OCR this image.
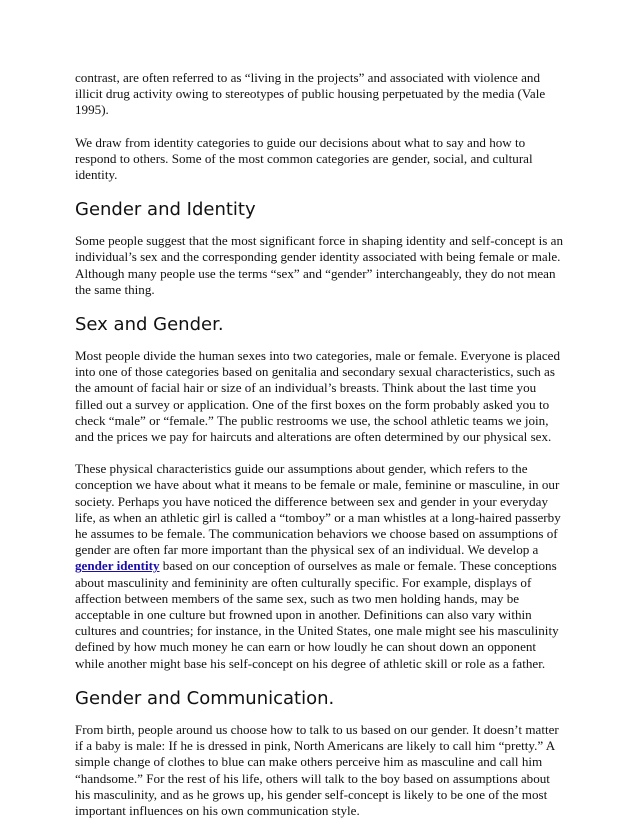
contrast, are often referred to as “living in the projects” and associated with violence and illicit drug activity owing to stereotypes of public housing perpetuated by the media (Vale 1995).

We draw from identity categories to guide our decisions about what to say and how to respond to others. Some of the most common categories are gender, social, and cultural identity.

Gender and Identity

Some people suggest that the most significant force in shaping identity and self-concept is an individual’s sex and the corresponding gender identity associated with being female or male. Although many people use the terms “sex” and “gender” interchangeably, they do not mean the same thing.

Sex and Gender.

Most people divide the human sexes into two categories, male or female. Everyone is placed into one of those categories based on genitalia and secondary sexual characteristics, such as the amount of facial hair or size of an individual’s breasts. Think about the last time you filled out a survey or application. One of the first boxes on the form probably asked you to check “male” or “female.” The public restrooms we use, the school athletic teams we join, and the prices we pay for haircuts and alterations are often determined by our physical sex.

These physical characteristics guide our assumptions about gender, which refers to the conception we have about what it means to be female or male, feminine or masculine, in our society. Perhaps you have noticed the difference between sex and gender in your everyday life, as when an athletic girl is called a “tomboy” or a man whistles at a long-haired passerby he assumes to be female. The communication behaviors we choose based on assumptions of gender are often far more important than the physical sex of an individual. We develop a gender identity based on our conception of ourselves as male or female. These conceptions about masculinity and femininity are often culturally specific. For example, displays of affection between members of the same sex, such as two men holding hands, may be acceptable in one culture but frowned upon in another. Definitions can also vary within cultures and countries; for instance, in the United States, one male might see his masculinity defined by how much money he can earn or how loudly he can shout down an opponent while another might base his self-concept on his degree of athletic skill or role as a father.

Gender and Communication.

From birth, people around us choose how to talk to us based on our gender. It doesn’t matter if a baby is male: If he is dressed in pink, North Americans are likely to call him “pretty.” A simple change of clothes to blue can make others perceive him as masculine and call him “handsome.” For the rest of his life, others will talk to the boy based on assumptions about his masculinity, and as he grows up, his gender self-concept is likely to be one of the most important influences on his own communication style.
